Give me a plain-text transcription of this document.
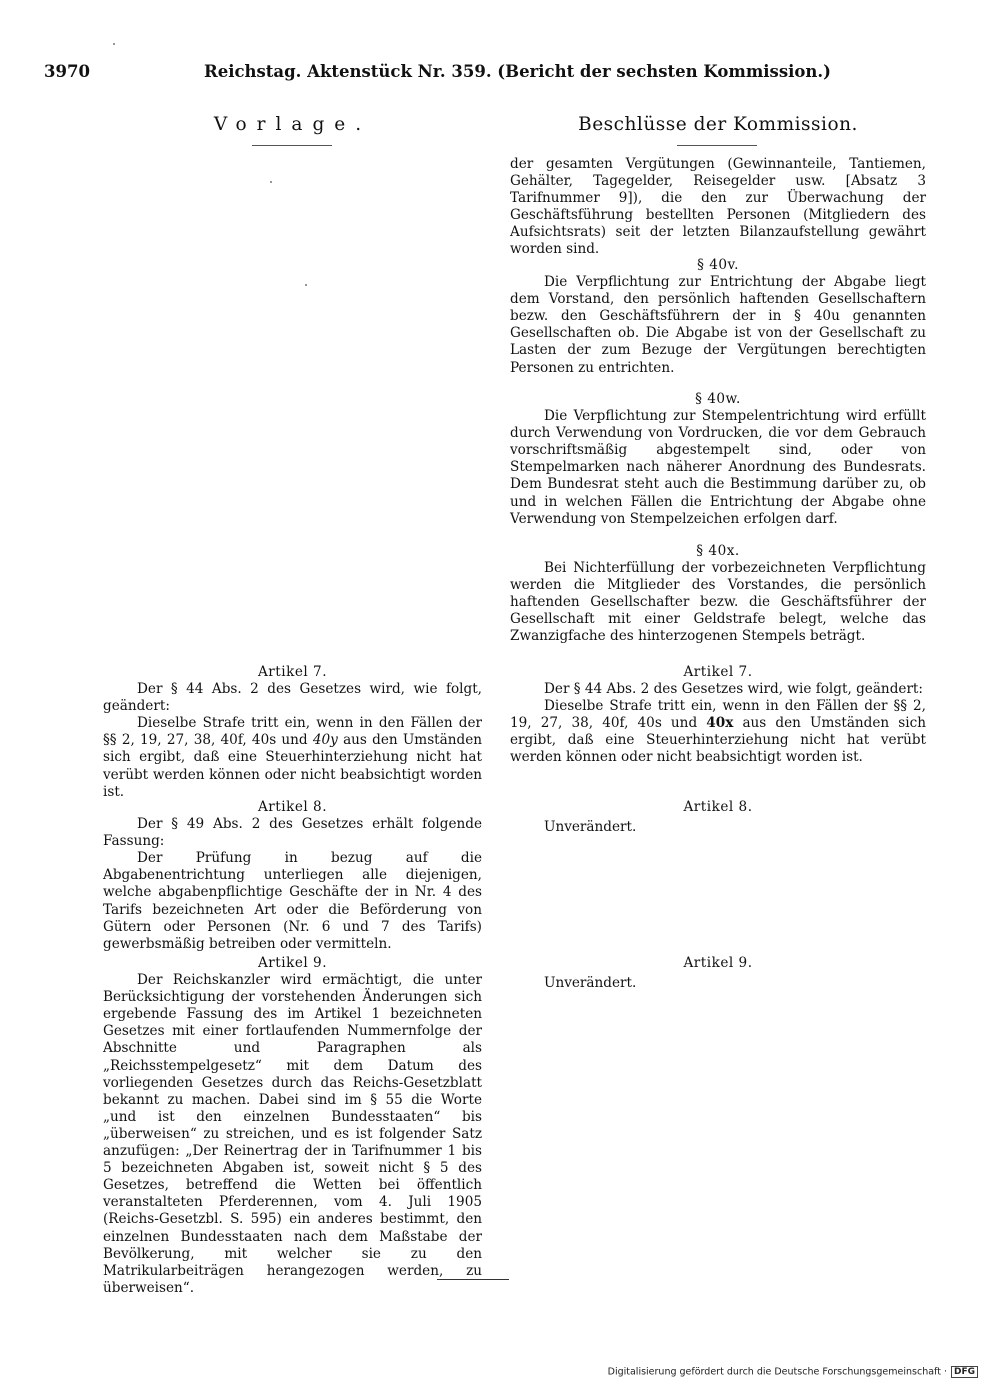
3970	Reichstag. Aktenstück Nr. 359. (Bericht der sechsten Kommission.)
Vorlage.	Beschlüsse der Kommission.

der gesamten Vergütungen (Gewinnanteile, Tantiemen, Gehälter, Tagegelder, Reisegelder usw. [Absatz 3 Tarifnummer 9]), die den zur Überwachung der Geschäftsführung bestellten Personen (Mitgliedern des Aufsichtsrats) seit der letzten Bilanzaufstellung gewährt worden sind.

§ 40v.

Die Verpflichtung zur Entrichtung der Abgabe liegt dem Vorstand, den persönlich haftenden Gesellschaftern bezw. den Geschäftsführern der in § 40u genannten Gesellschaften ob. Die Abgabe ist von der Gesellschaft zu Lasten der zum Bezuge der Vergütungen berechtigten Personen zu entrichten.

§ 40w.

Die Verpflichtung zur Stempelentrichtung wird erfüllt durch Verwendung von Vordrucken, die vor dem Gebrauch vorschriftsmäßig abgestempelt sind, oder von Stempelmarken nach näherer Anordnung des Bundesrats. Dem Bundesrat steht auch die Bestimmung darüber zu, ob und in welchen Fällen die Entrichtung der Abgabe ohne Verwendung von Stempelzeichen erfolgen darf.

§ 40x.

Bei Nichterfüllung der vorbezeichneten Verpflichtung werden die Mitglieder des Vorstandes, die persönlich haftenden Gesellschafter bezw. die Geschäftsführer der Gesellschaft mit einer Geldstrafe belegt, welche das Zwanzigfache des hinterzogenen Stempels beträgt.

Artikel 7.

Der § 44 Abs. 2 des Gesetzes wird, wie folgt, geändert:

Dieselbe Strafe tritt ein, wenn in den Fällen der §§ 2, 19, 27, 38, 40f, 40s und 40y aus den Umständen sich ergibt, daß eine Steuerhinterziehung nicht hat verübt werden können oder nicht beabsichtigt worden ist.

Artikel 7.

Der § 44 Abs. 2 des Gesetzes wird, wie folgt, geändert:

Dieselbe Strafe tritt ein, wenn in den Fällen der §§ 2, 19, 27, 38, 40f, 40s und 40x aus den Umständen sich ergibt, daß eine Steuerhinterziehung nicht hat verübt werden können oder nicht beabsichtigt worden ist.

Artikel 8.

Der § 49 Abs. 2 des Gesetzes erhält folgende Fassung:

Der Prüfung in bezug auf die Abgabenentrichtung unterliegen alle diejenigen, welche abgabenpflichtige Geschäfte der in Nr. 4 des Tarifs bezeichneten Art oder die Beförderung von Gütern oder Personen (Nr. 6 und 7 des Tarifs) gewerbsmäßig betreiben oder vermitteln.

Artikel 8.

Unverändert.

Artikel 9.

Der Reichskanzler wird ermächtigt, die unter Berücksichtigung der vorstehenden Änderungen sich ergebende Fassung des im Artikel 1 bezeichneten Gesetzes mit einer fortlaufenden Nummernfolge der Abschnitte und Paragraphen als „Reichsstempelgesetz“ mit dem Datum des vorliegenden Gesetzes durch das Reichs-Gesetzblatt bekannt zu machen. Dabei sind im § 55 die Worte „und ist den einzelnen Bundesstaaten“ bis „überweisen“ zu streichen, und es ist folgender Satz anzufügen: „Der Reinertrag der in Tarifnummer 1 bis 5 bezeichneten Abgaben ist, soweit nicht § 5 des Gesetzes, betreffend die Wetten bei öffentlich veranstalteten Pferderennen, vom 4. Juli 1905 (Reichs-Gesetzbl. S. 595) ein anderes bestimmt, den einzelnen Bundesstaaten nach dem Maßstabe der Bevölkerung, mit welcher sie zu den Matrikularbeiträgen herangezogen werden, zu überweisen“.

Artikel 9.

Unverändert.

Digitalisierung gefördert durch die Deutsche Forschungsgemeinschaft · DFG
